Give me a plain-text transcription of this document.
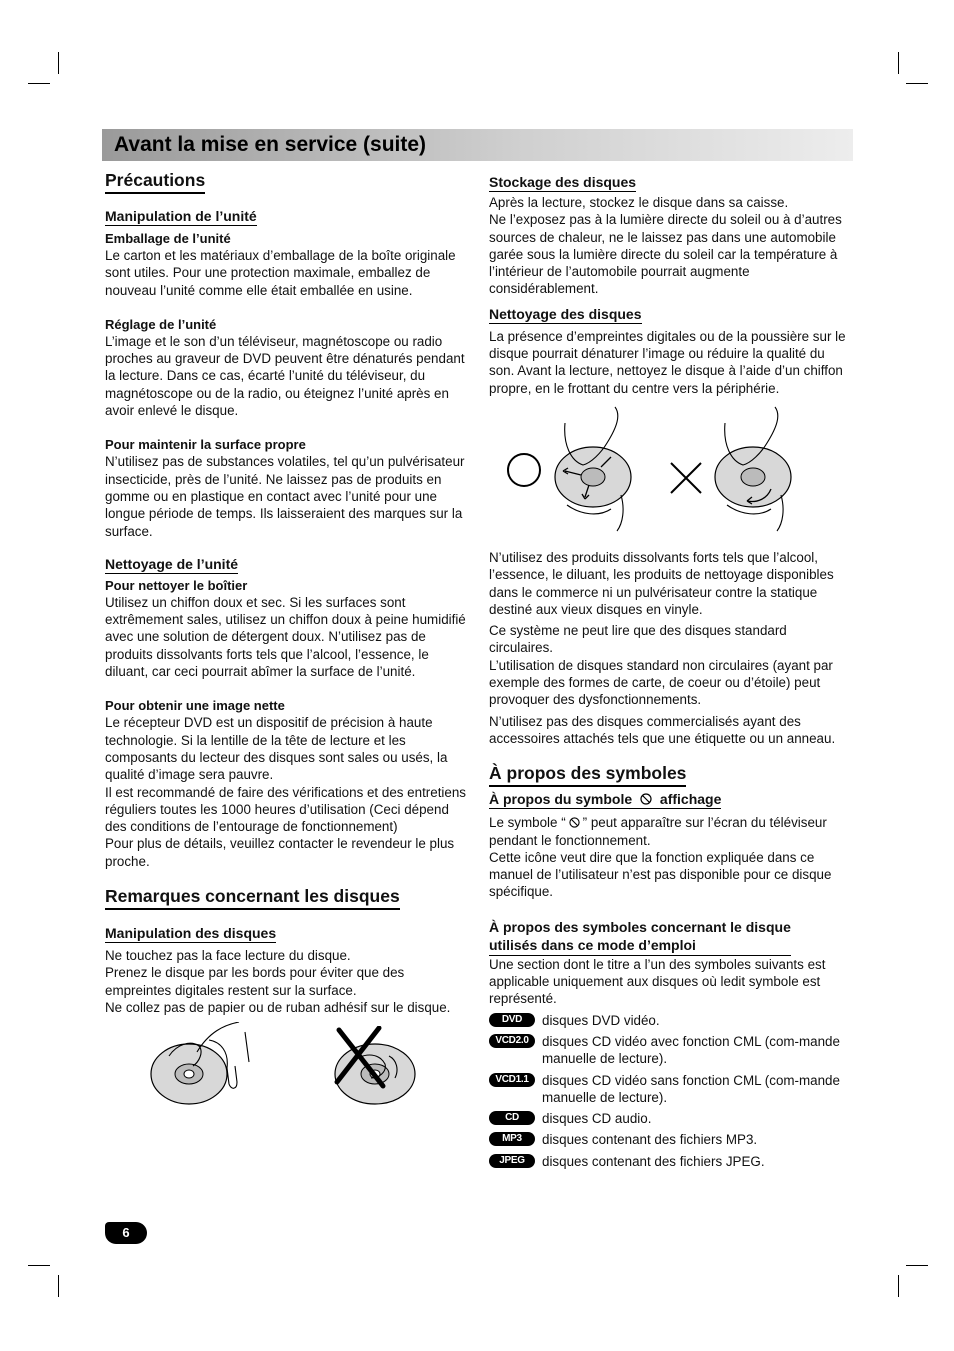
Avant la mise en service (suite)
Précautions
Manipulation de l’unité
Emballage de l’unité

Le carton et les matériaux d’emballage de la boîte originale sont utiles. Pour une protection maximale, emballez de nouveau l’unité comme elle était emballée en usine.

Réglage de l’unité

L’image et le son d’un téléviseur, magnétoscope ou radio proches au graveur de DVD peuvent être dénaturés pendant la lecture. Dans ce cas, écarté l’unité du téléviseur, du magnétoscope ou de la radio, ou éteignez l’unité après en avoir enlevé le disque.

Pour maintenir la surface propre

N’utilisez pas de substances volatiles, tel qu’un pulvérisateur insecticide, près de l’unité. Ne laissez pas de produits en gomme ou en plastique en contact avec l’unité pour une longue période de temps. Ils laisseraient des marques sur la surface.

Nettoyage de l’unité
Pour nettoyer le boîtier

Utilisez un chiffon doux et sec. Si les surfaces sont extrêmement sales, utilisez un chiffon doux à peine humidifié avec une solution de détergent doux. N’utilisez pas de produits dissolvants forts tels que l’alcool, l’essence, le diluant, car ceci pourrait abîmer la surface de l’unité.

Pour obtenir une image nette

Le récepteur DVD est un dispositif de précision à haute technologie. Si la lentille de la tête de lecture et les composants du lecteur des disques sont sales ou usés, la qualité d’image sera pauvre.

Il est recommandé de faire des vérifications et des entretiens réguliers toutes les 1000 heures d’utilisation (Ceci dépend des conditions de l’entourage de fonctionnement)

Pour plus de détails, veuillez contacter le revendeur le plus proche.

Remarques concernant les disques
Manipulation des disques

Ne touchez pas la face lecture du disque.

Prenez le disque par les bords pour éviter que des empreintes digitales restent sur la surface.

Ne collez pas de papier ou de ruban adhésif sur le disque.

Stockage des disques

Après la lecture, stockez le disque dans sa caisse.

Ne l’exposez pas à la lumière directe du soleil ou à d’autres sources de chaleur, ne le laissez pas dans une automobile garée sous la lumière directe du soleil car la température à l’intérieur de l’automobile pourrait augmente considérablement.

Nettoyage des disques

La présence d’empreintes digitales ou de la poussière sur le disque pourrait dénaturer l’image ou réduire la qualité du son. Avant la lecture, nettoyez le disque à l’aide d’un chiffon propre, en le frottant du centre vers la périphérie.

N’utilisez des produits dissolvants forts tels que l’alcool, l’essence, le diluant, les produits de nettoyage disponibles dans le commerce ni un pulvérisateur contre la statique destiné aux vieux disques en vinyle.

Ce système ne peut lire que des disques standard circulaires.

L’utilisation de disques standard non circulaires (ayant par exemple des formes de carte, de coeur ou d’étoile) peut provoquer des dysfonctionnements.

N’utilisez pas des disques commercialisés ayant des accessoires attachés tels que une étiquette ou un anneau.

À propos des symboles
À propos du symbole affichage

Le symbole “ ” peut apparaître sur l’écran du téléviseur pendant le fonctionnement.

Cette icône veut dire que la fonction expliquée dans ce manuel de l’utilisateur n’est pas disponible pour ce disque spécifique.

À propos des symboles concernant le disque
utilisés dans ce mode d’emploi

Une section dont le titre a l’un des symboles suivants est applicable uniquement aux disques où ledit symbole est représenté.

DVD	disques DVD vidéo.

VCD2.0 disques CD vidéo avec fonction CML (com-mande manuelle de lecture).

VCD1.1 disques CD vidéo sans fonction CML (com-mande manuelle de lecture).

CD	disques CD audio.

MP3	disques contenant des fichiers MP3.

JPEG	disques contenant des fichiers JPEG.

6
